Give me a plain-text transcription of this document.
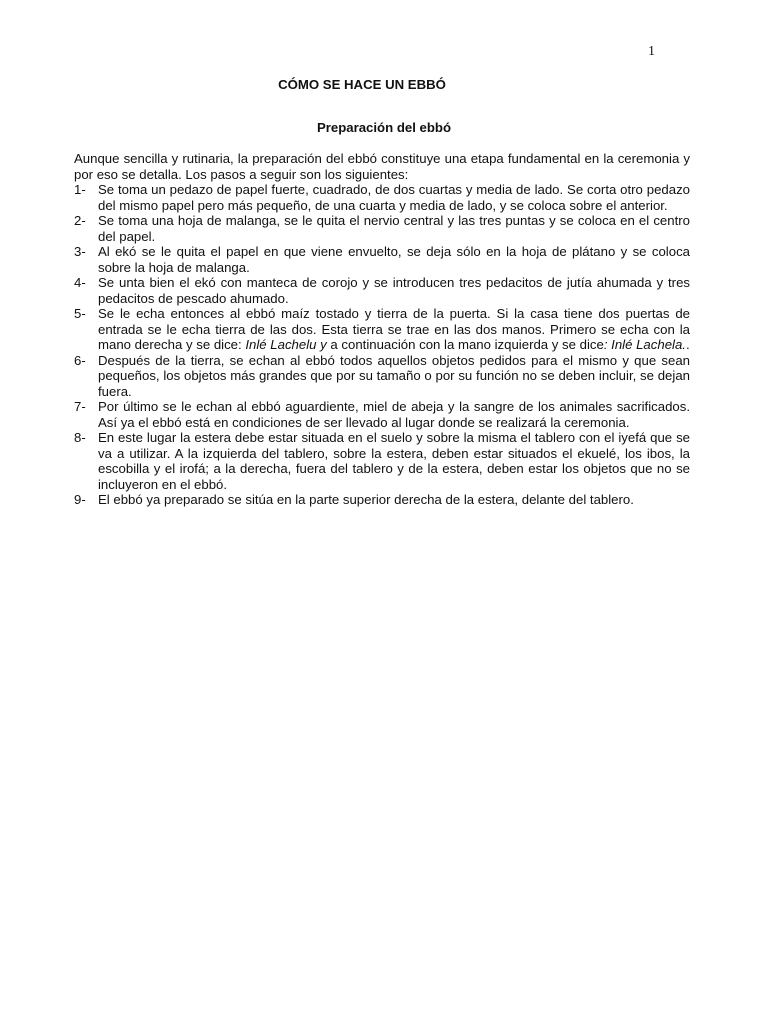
1
CÓMO SE HACE UN EBBÓ
Preparación del ebbó

Aunque sencilla y rutinaria, la preparación del ebbó constituye una etapa fundamental en la ceremonia y por eso se detalla. Los pasos a seguir son los siguientes:

1- Se toma un pedazo de papel fuerte, cuadrado, de dos cuartas y media de lado. Se corta otro pedazo del mismo papel pero más pequeño, de una cuarta y media de lado, y se coloca sobre el anterior.
2- Se toma una hoja de malanga, se le quita el nervio central y las tres puntas y se coloca en el centro del papel.
3- Al ekó se le quita el papel en que viene envuelto, se deja sólo en la hoja de plátano y se coloca sobre la hoja de malanga.
4- Se unta bien el ekó con manteca de corojo y se introducen tres pedacitos de jutía ahumada y tres pedacitos de pescado ahumado.
5- Se le echa entonces al ebbó maíz tostado y tierra de la puerta. Si la casa tiene dos puertas de entrada se le echa tierra de las dos. Esta tierra se trae en las dos manos. Primero se echa con la mano derecha y se dice: Inlé Lachelu y a continuación con la mano izquierda y se dice: Inlé Lachela..
6- Después de la tierra, se echan al ebbó todos aquellos objetos pedidos para el mismo y que sean pequeños, los objetos más grandes que por su tamaño o por su función no se deben incluir, se dejan fuera.
7- Por último se le echan al ebbó aguardiente, miel de abeja y la sangre de los animales sacrificados. Así ya el ebbó está en condiciones de ser llevado al lugar donde se realizará la ceremonia.
8- En este lugar la estera debe estar situada en el suelo y sobre la misma el tablero con el iyefá que se va a utilizar. A la izquierda del tablero, sobre la estera, deben estar situados el ekuelé, los ibos, la escobilla y el irofá; a la derecha, fuera del tablero y de la estera, deben estar los objetos que no se incluyeron en el ebbó.
9- El ebbó ya preparado se sitúa en la parte superior derecha de la estera, delante del tablero.
